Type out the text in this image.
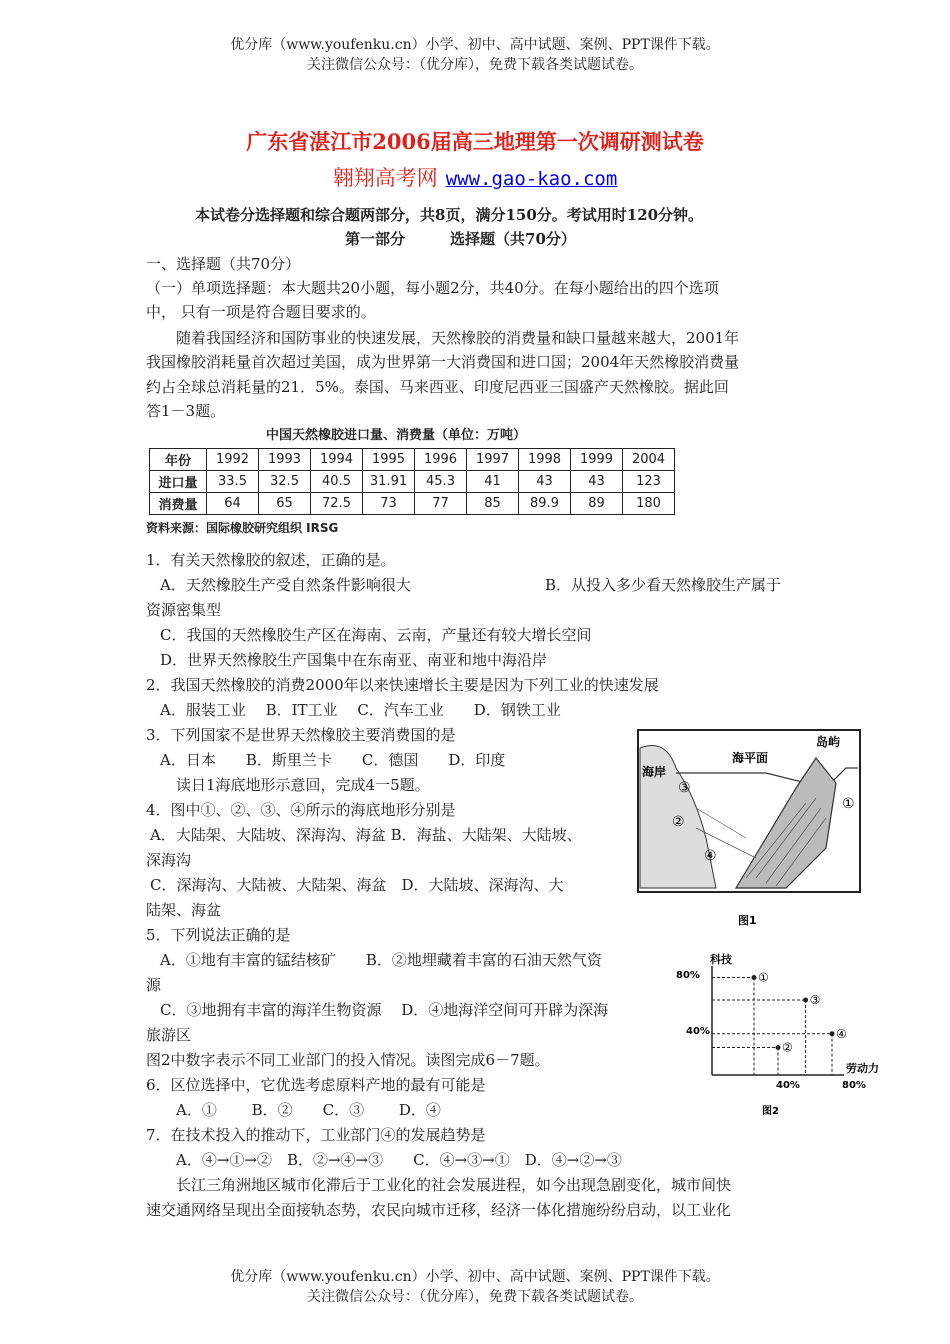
优分库（www.youfenku.cn）小学、初中、高中试题、案例、PPT课件下载。
关注微信公众号：（优分库），免费下载各类试题试卷。
广东省湛江市2006届高三地理第一次调研测试卷
翱翔高考网 www.gao-kao.com
本试卷分选择题和综合题两部分，共8页，满分150分。考试用时120分钟。
第一部分　　　选择题（共70分）
一、选择题（共70分）
（一）单项选择题：本大题共20小题，每小题2分，共40分。在每小题给出的四个选项
中， 只有一项是符合题目要求的。
随着我国经济和国防事业的快速发展，天然橡胶的消费量和缺口量越来越大，2001年
我国橡胶消耗量首次超过美国，成为世界第一大消费国和进口国；2004年天然橡胶消费量
约占全球总消耗量的21．5%。泰国、马来西亚、印度尼西亚三国盛产天然橡胶。据此回
答1－3题。
中国天然橡胶进口量、消费量（单位：万吨）
年份	1992	1993	1994	1995	1996	1997	1998	1999	2004
进口量	33.5	32.5	40.5	31.91	45.3	41	43	43	123
消费量	64	65	72.5	73	77	85	89.9	89	180
资料来源：国际橡胶研究组织 IRSG
1．有关天然橡胶的叙述，正确的是。
A．天然橡胶生产受自然条件影响很大	B．从投入多少看天然橡胶生产属于
资源密集型
C．我国的天然橡胶生产区在海南、云南，产量还有较大增长空间
D．世界天然橡胶生产国集中在东南亚、南亚和地中海沿岸
2．我国天然橡胶的消费2000年以来快速增长主要是因为下列工业的快速发展
A．服装工业　 B．IT工业　 C．汽车工业　　D．钢铁工业
3．下列国家不是世界天然橡胶主要消费国的是
A．日本　　B．斯里兰卡　　C．德国　　D．印度
读日1海底地形示意回，完成4一5题。
4．图中①、②、③、④所示的海底地形分别是
A．大陆架、大陆坡、深海沟、海盆 B．海盐、大陆架、大陆坡、
深海沟
C．深海沟、大陆被、大陆架、海盆　D．大陆坡、深海沟、大
陆架、海盆
5．下列说法正确的是
A．①地有丰富的锰结核矿　　B．②地埋藏着丰富的石油天然气资
源
C．③地拥有丰富的海洋生物资源　 D．④地海洋空间可开辟为深海
旅游区
图2中数字表示不同工业部门的投入情况。读图完成6－7题。
6．区位选择中，它优选考虑原料产地的最有可能是
A．①　　 B．②　　C．③　　 D．④
7．在技术投入的推动下，工业部门④的发展趋势是
A．④→①→②　B．②→④→③　　C．④→③→①　D．④→②→③
长江三角洲地区城市化滞后于工业化的社会发展进程，如今出现急剧变化，城市间快
速交通网络呈现出全面接轨态势，农民向城市迁移，经济一体化措施纷纷启动，以工业化
海平面
岛屿
海岸
①
②
③
④
图1
科技
劳动力
80%
40%
40%	80%
①
②
③
④
图2
优分库（www.youfenku.cn）小学、初中、高中试题、案例、PPT课件下载。
关注微信公众号：（优分库），免费下载各类试题试卷。
